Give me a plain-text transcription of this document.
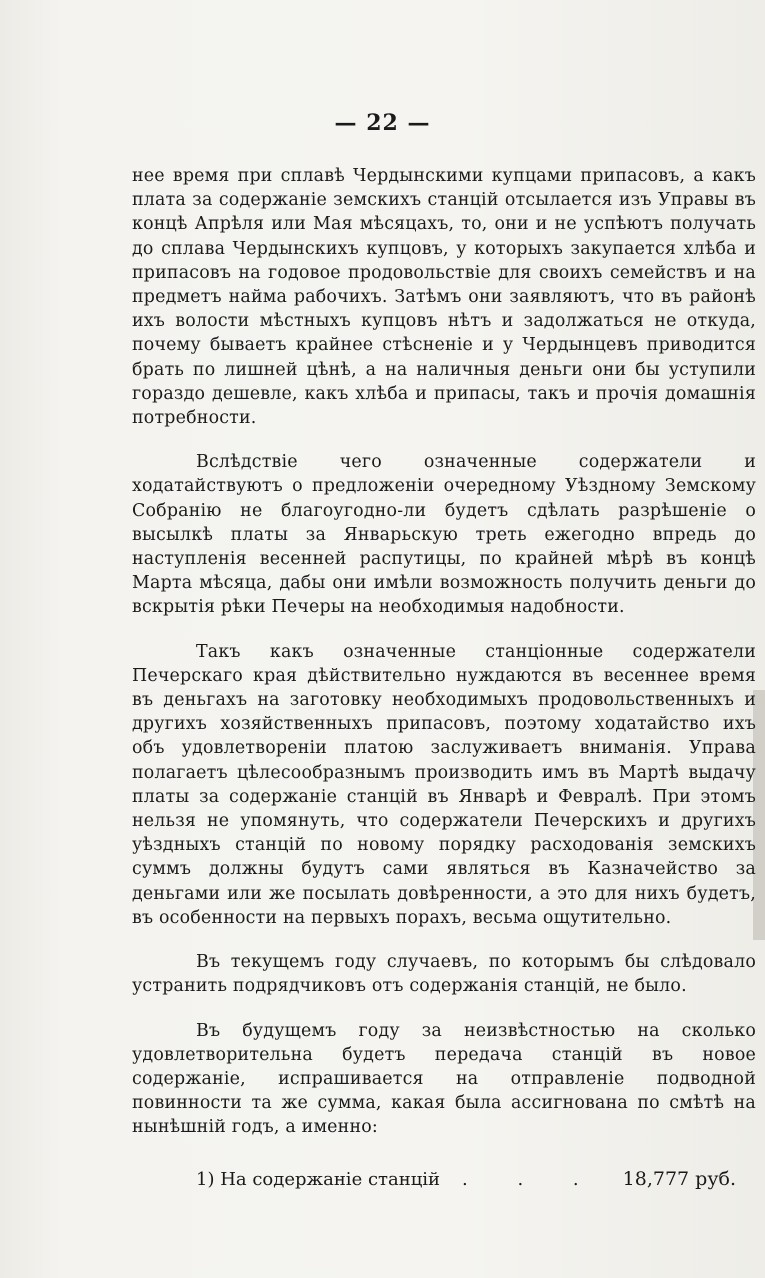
— 22 —

нее время при сплавѣ Чердынскими купцами припасовъ, а какъ плата за содержаніе земскихъ станцій отсылается изъ Управы въ концѣ Апрѣля или Мая мѣсяцахъ, то, они и не успѣютъ получать до сплава Чердынскихъ купцовъ, у которыхъ закупается хлѣба и припасовъ на годовое продовольствіе для своихъ семействъ и на предметъ найма рабочихъ. Затѣмъ они заявляютъ, что въ районѣ ихъ волости мѣстныхъ купцовъ нѣтъ и задолжаться не откуда, почему бываетъ крайнее стѣсненіе и у Чердынцевъ приводится брать по лишней цѣнѣ, а на наличныя деньги они бы уступили гораздо дешевле, какъ хлѣба и припасы, такъ и прочія домашнія потребности.

Вслѣдствіе чего означенные содержатели и ходатайствуютъ о предложеніи очередному Уѣздному Земскому Собранію не благоугодно-ли будетъ сдѣлать разрѣшеніе о высылкѣ платы за Январьскую треть ежегодно впредь до наступленія весенней распутицы, по крайней мѣрѣ въ концѣ Марта мѣсяца, дабы они имѣли возможность получить деньги до вскрытія рѣки Печеры на необходимыя надобности.

Такъ какъ означенные станціонные содержатели Печерскаго края дѣйствительно нуждаются въ весеннее время въ деньгахъ на заготовку необходимыхъ продовольственныхъ и другихъ хозяйственныхъ припасовъ, поэтому ходатайство ихъ объ удовлетвореніи платою заслуживаетъ вниманія. Управа полагаетъ цѣлесообразнымъ производить имъ въ Мартѣ выдачу платы за содержаніе станцій въ Январѣ и Февралѣ. При этомъ нельзя не упомянуть, что содержатели Печерскихъ и другихъ уѣздныхъ станцій по новому порядку расходованія земскихъ суммъ должны будутъ сами являться въ Казначейство за деньгами или же посылать довѣренности, а это для нихъ будетъ, въ особенности на первыхъ порахъ, весьма ощутительно.

Въ текущемъ году случаевъ, по которымъ бы слѣдовало устранить подрядчиковъ отъ содержанія станцій, не было.

Въ будущемъ году за неизвѣстностью на сколько удовлетворительна будетъ передача станцій въ новое содержаніе, испрашивается на отправленіе подводной повинности та же сумма, какая была ассигнована по смѣтѣ на нынѣшній годъ, а именно:

1) На содержаніе станцій	. . .	18,777 руб.
